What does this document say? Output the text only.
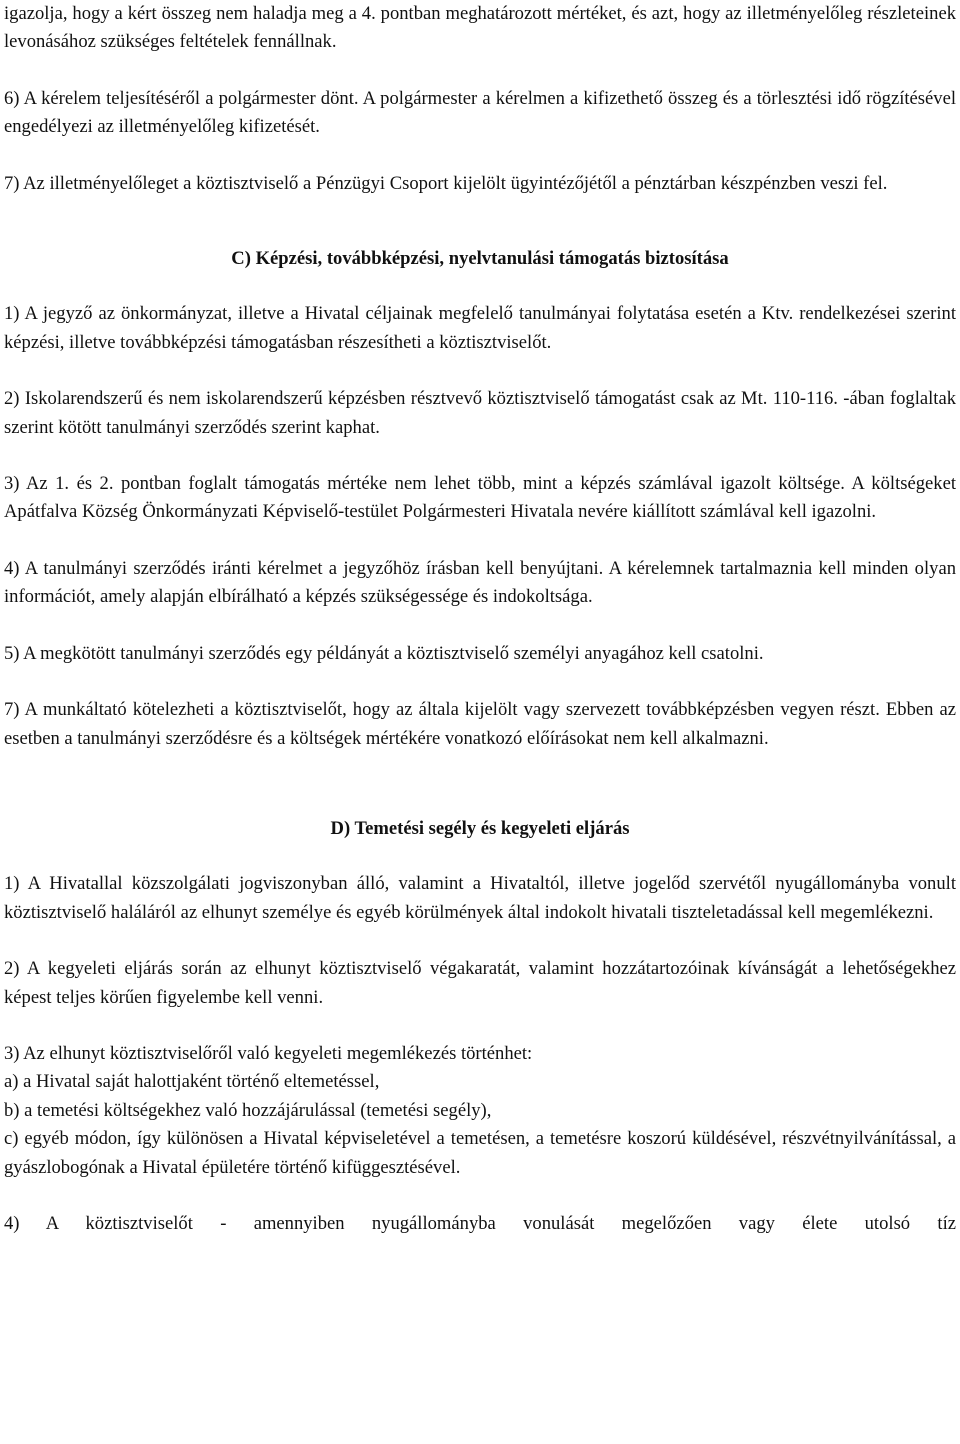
igazolja, hogy a kért összeg nem haladja meg a 4. pontban meghatározott mértéket, és azt, hogy az illetményelőleg részleteinek levonásához szükséges feltételek fennállnak.

6) A kérelem teljesítéséről a polgármester dönt. A polgármester a kérelmen a kifizethető összeg és a törlesztési idő rögzítésével engedélyezi az illetményelőleg kifizetését.

7) Az illetményelőleget a köztisztviselő a Pénzügyi Csoport kijelölt ügyintézőjétől a pénztárban készpénzben veszi fel.

C) Képzési, továbbképzési, nyelvtanulási támogatás biztosítása

1) A jegyző az önkormányzat, illetve a Hivatal céljainak megfelelő tanulmányai folytatása esetén a Ktv. rendelkezései szerint képzési, illetve továbbképzési támogatásban részesítheti a köztisztviselőt.

2) Iskolarendszerű és nem iskolarendszerű képzésben résztvevő köztisztviselő támogatást csak az Mt. 110-116. -ában foglaltak szerint kötött tanulmányi szerződés szerint kaphat.

3) Az 1. és 2. pontban foglalt támogatás mértéke nem lehet több, mint a képzés számlával igazolt költsége. A költségeket Apátfalva Község Önkormányzati Képviselő-testület Polgármesteri Hivatala nevére kiállított számlával kell igazolni.

4) A tanulmányi szerződés iránti kérelmet a jegyzőhöz írásban kell benyújtani. A kérelemnek tartalmaznia kell minden olyan információt, amely alapján elbírálható a képzés szükségessége és indokoltsága.

5) A megkötött tanulmányi szerződés egy példányát a köztisztviselő személyi anyagához kell csatolni.

7) A munkáltató kötelezheti a köztisztviselőt, hogy az általa kijelölt vagy szervezett továbbképzésben vegyen részt. Ebben az esetben a tanulmányi szerződésre és a költségek mértékére vonatkozó előírásokat nem kell alkalmazni.

D) Temetési segély és kegyeleti eljárás

1) A Hivatallal közszolgálati jogviszonyban álló, valamint a Hivataltól, illetve jogelőd szervétől nyugállományba vonult köztisztviselő haláláról az elhunyt személye és egyéb körülmények által indokolt hivatali tiszteletadással kell megemlékezni.

2) A kegyeleti eljárás során az elhunyt köztisztviselő végakaratát, valamint hozzátartozóinak kívánságát a lehetőségekhez képest teljes körűen figyelembe kell venni.

3) Az elhunyt köztisztviselőről való kegyeleti megemlékezés történhet:

a) a Hivatal saját halottjaként történő eltemetéssel,

b) a temetési költségekhez való hozzájárulással (temetési segély),

c) egyéb módon, így különösen a Hivatal képviseletével a temetésen, a temetésre koszorú küldésével, részvétnyilvánítással, a gyászlobogónak a Hivatal épületére történő kifüggesztésével.

4) A köztisztviselőt - amennyiben nyugállományba vonulását megelőzően vagy élete utolsó tíz
